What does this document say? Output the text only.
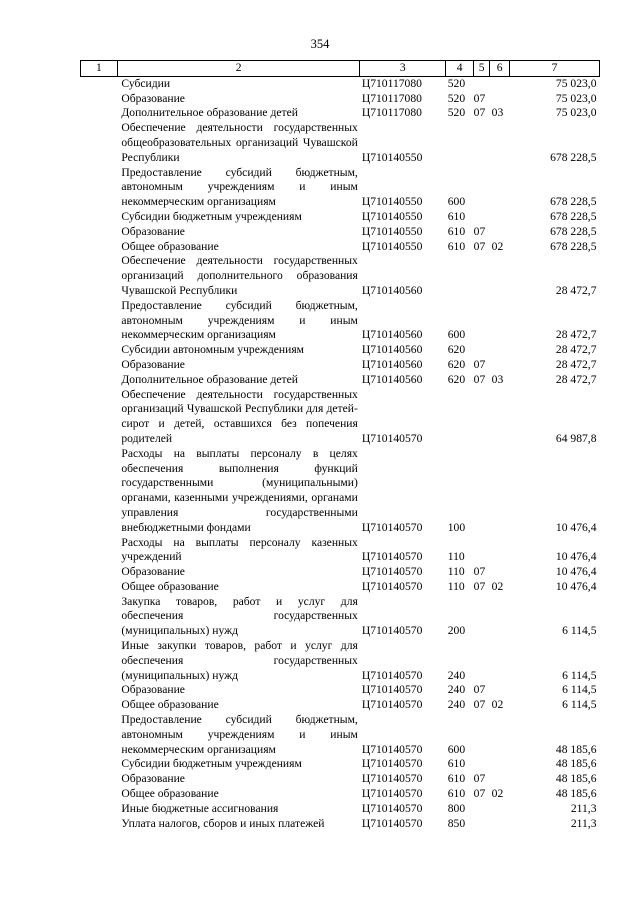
354
1	2	3	4	5	6	7
	Субсидии	Ц710117080	520			75 023,0
	Образование	Ц710117080	520	07		75 023,0
	Дополнительное образование детей	Ц710117080	520	07	03	75 023,0
	Обеспечение деятельности государственных общеобразовательных организаций Чувашской Республики	Ц710140550				678 228,5
	Предоставление субсидий бюджетным, автономным учреждениям и иным некоммерческим организациям	Ц710140550	600			678 228,5
	Субсидии бюджетным учреждениям	Ц710140550	610			678 228,5
	Образование	Ц710140550	610	07		678 228,5
	Общее образование	Ц710140550	610	07	02	678 228,5
	Обеспечение деятельности государственных организаций дополнительного образования Чувашской Республики	Ц710140560				28 472,7
	Предоставление субсидий бюджетным, автономным учреждениям и иным некоммерческим организациям	Ц710140560	600			28 472,7
	Субсидии автономным учреждениям	Ц710140560	620			28 472,7
	Образование	Ц710140560	620	07		28 472,7
	Дополнительное образование детей	Ц710140560	620	07	03	28 472,7
	Обеспечение деятельности государственных организаций Чувашской Республики для детей-сирот и детей, оставшихся без попечения родителей	Ц710140570				64 987,8
	Расходы на выплаты персоналу в целях обеспечения выполнения функций государственными (муниципальными) органами, казенными учреждениями, органами управления государственными внебюджетными фондами	Ц710140570	100			10 476,4
	Расходы на выплаты персоналу казенных учреждений	Ц710140570	110			10 476,4
	Образование	Ц710140570	110	07		10 476,4
	Общее образование	Ц710140570	110	07	02	10 476,4
	Закупка товаров, работ и услуг для обеспечения государственных (муниципальных) нужд	Ц710140570	200			6 114,5
	Иные закупки товаров, работ и услуг для обеспечения государственных (муниципальных) нужд	Ц710140570	240			6 114,5
	Образование	Ц710140570	240	07		6 114,5
	Общее образование	Ц710140570	240	07	02	6 114,5
	Предоставление субсидий бюджетным, автономным учреждениям и иным некоммерческим организациям	Ц710140570	600			48 185,6
	Субсидии бюджетным учреждениям	Ц710140570	610			48 185,6
	Образование	Ц710140570	610	07		48 185,6
	Общее образование	Ц710140570	610	07	02	48 185,6
	Иные бюджетные ассигнования	Ц710140570	800			211,3
	Уплата налогов, сборов и иных платежей	Ц710140570	850			211,3
